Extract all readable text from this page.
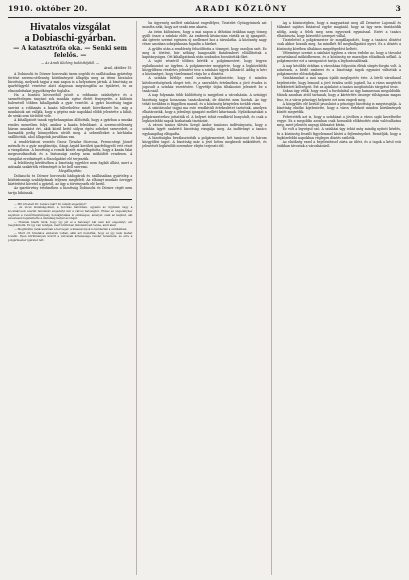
1910. október 20.	ARADI KÖZLÖNY	3
Hivatalos vizsgálat
a Dobiaschi-gyárban.
— A katasztrófa oka. — Senki sem felelős. —
— Az Aradi Közlöny tudósítójától. —
Arad, október 19.

A Dobiaschi és Dörner borovszki üzem segédü és szállásaiban gyártelep történt szerencsétlenség körülményeit állapítja meg az itteni hivatalos bizottság, melynek tagjai a mai napon is a helyszínen jártak. A bizottság az iparfelügyelő vezetése alatt alaposan megvizsgálta az épületet, és az elmondottakat jegyzőkönyvbe foglalta.

Ha a bontási kövezetből jutott a robbanás színhelyére és a szeméttelepen tanyázó sok munkás egész életét fenyegette, a különös balesetről többen kihallgatták a gyár vezetőit. A gyári bizottság tagjai szerint a robbanás a kazán túlterhelése miatt következett be, míg a munkások azt vallják, hogy a gépész már napokkal előbb jelentette a hibát, de senki sem törődött vele.

A kihallgatott tanuk egybehangzóan állították, hogy a gyárban a munka rendes menetben folyt, amikor a kazán felrobbant. A szerencsétlenség három munkást ért, akik közül kettő súlyos égési sebeket szenvedett, a harmadik pedig könnyebben sérült meg. A sebesülteket a kórházba szállították, ahol állapotuk javulóban van.

A rendőrbiztosi vezetés Grosz Tivadar főorvosa, Ferencsényi József mérnök és a gyár megbízottja, Sángi Árpád kerületi iparfelügyelő vett részt a vizsgálaton. A bizottság a romok között megállapította, hogy a kazán falai megrozsdásodtak és a biztonsági szelep nem működött rendesen. A vizsgálat eredményét a főszolgabíró elé terjesztik.

A felelősség kérdésében a bizottság egyelőre nem foglalt állást, mert a műszaki szakértők véleményét is be kell szerezni.

Megállapítás:

Dobiaschi és Dörner borovszki bádogáruk és szállásaiban gyártelep a közbiztonsági szabályoknak teljesen megfelelt. Az elhunyt munkás özvegye kártérítést követel a gyártól, az ügy a törvényszék elé kerül.

Az ipartörvény értelmében a bizottság Dobiaschi és Dörner cégét nem tartja hibásnak.

— Mit követelt Dr. Lukács már? Ki csinált engedélyt?

— Az utcai mulatságoknál, a borókás bárókban, ugyanis az ügyfelek vagy a kocsmárosok szerint mindenki engedélyt kér a városi hatóságtól. Ehhez az engedélyhez azonban a rendőrkapitányság hozzájárulása is szükséges, amelyet csak az kaphat, aki előzetesen bejelentette a mulatság helyét és idejét.

— Honnan hiszik önök, hogy így jár el a hatóság? Aki nem kér engedélyt, azt megbüntetik. Ez így van rendjén, mert különben mindenki azt tenne, amit akar.

— Megbirálni, tanácsadónak a herceget; a kisasszonyok is kérdezték a színházban.

— Mert ott hivatalos emberek voltak, akik azt mondták, hogy ez így nem mehet tovább. Ilyen körülmények között a városnak kötelessége rendet teremteni, és erre a polgármester ígéretet tett.

ha ügyesség mellett színházat engedélyez, Tisztelet Gyöngyösinek azt mondta neki, hogy azt senki sem akarta.

Az öröm különösen, hogy a mai napon a délutáni órákban nagy tömeg gyűlt össze a színház előtt. Az emberek kíváncsian várták az új igazgatót, aki ígérete szerint egészen új szellemet hoz a társulatba. A közönség nagy része azonban szkeptikusan fogadta a híreket.

A gyűlés után a rendőrség felszólította a tömeget, hogy oszoljon szét. Ez meg is történt, bár néhány hangosabb fiatalembert előállítottak a kapitányságra. Ott kihallgatásuk után szabadon bocsátották őket.

A sajtó részéről többen kérték a polgármestert, hogy tegyen nyilatkozatot az ügyben. A polgármester megígérte, hogy a legközelebbi közgyűlésen részletes jelentést tesz a színházi ügyek állásáról. Addig is kéri a közönséget, hogy türelemmel várja be a döntést.

A színház bérlője ezzel szemben kijelentette, hogy ő minden kötelezettségének eleget tett, és a szerződés értelmében a jövő évadra is jogosult a színház vezetésére. Ügyvédje útján tiltakozást jelentett be a tanácsnál.

A nap folyamán több küldöttség is megjelent a városházán. A színügyi bizottság tagjai hosszasan tanácskoztak, de döntést nem hoztak. Az ügy tehát továbbra is függőben marad, és a közönség kénytelen tovább várni.

A színtársulat tagjai ma este rendkívüli értekezletet tartottak, amelyen elhatározták, hogy a jelenlegi igazgató mellett kitartanak. Nyilatkozatukat a polgármesterhez juttatták el. A helyzet tehát rendkívül bonyolult, és csak a legközelebbi napok hozhatnak tisztázást.

A városi tanács ülésén Szegő Andor tanácsos indítványozta, hogy a színház ügyét szakértő bizottság vizsgálja meg. Az indítványt a tanács egyhangúlag elfogadta.

A bizottságba beválasztották a polgármestert, két tanácsost és három közgyűlési tagot. A bizottság már a jövő héten megkezdi működését, és jelentését legkésőbb november elején terjeszti elő.

Ág a közönségben, hogy a magyarázat meg áll Demeter Lajosnál és Miksáné sajátos futáaival egybe magánál, hogy az ügy nem tisztázódik addig, amíg a felek meg nem egyeznek egymással. Ezért a tanács elhatározta, hogy közvetítő szerepet vállal.

Tisztelettel a polgármester úr megállapodott, hogy a tanácsi döntést csak akkor hozzák meg, ha mindkét fél meghallgatást nyert. Ez a döntés a közönség körében általános megelégedést keltett.

Véleménye szerint a színházi ügyben a város érdeke az, hogy a társulat zavartalanul működhessen, és a közönség ne maradjon előadások nélkül. A polgármester ezt a szempontot tartja a legfontosabbnak.

A nap későbbi óráiban a városháza folyosóin élénk sürgés-forgás volt. A színészek, a bérlő emberei és a bizottsági tagok egymást váltották a polgármester előszobájában.

Szinházunkat a mai napon újabb meglepetés érte. A bérlő váratlanul bejelentette, hogy lemond a jövő évadra szóló jogáról, ha a város megtéríti befektetett költségeit. Ezt az ajánlatot a tanács megfontolás tárgyává teszi.

Sokan úgy vélik, hogy ezzel a fordulattal az ügy hamarosan megoldódik. Mások azonban attól tartanak, hogy a kártérítés összege túlságosan magas lesz, és a város pénzügyi helyzete ezt nem engedi meg.

A közgyűlés elé kerülő javaslatot a pénzügyi bizottság is megvizsgálja. A bizottság elnöke kijelentette, hogy a város érdekeit minden körülmények között megvédik.

Felvetették azt is, hogy a színházat a jövőben a város saját kezelésébe vegye. Ez a megoldás azonban csak hosszabb előkészítés után valósulhatna meg, mert jelentős anyagi áldozatot kíván.

Ez volt a legvégső szó. A színházi ügy tehát még mindig nyitott kérdés, és a közönség feszült figyelemmel kíséri a fejleményeket. Reméljük, hogy a legközelebbi napokban végleges döntés születik.

Az elnökség ezzel a bejelentéssel zárta az ülést, és a tagok a késő esti órákban távoztak a városházáról.
